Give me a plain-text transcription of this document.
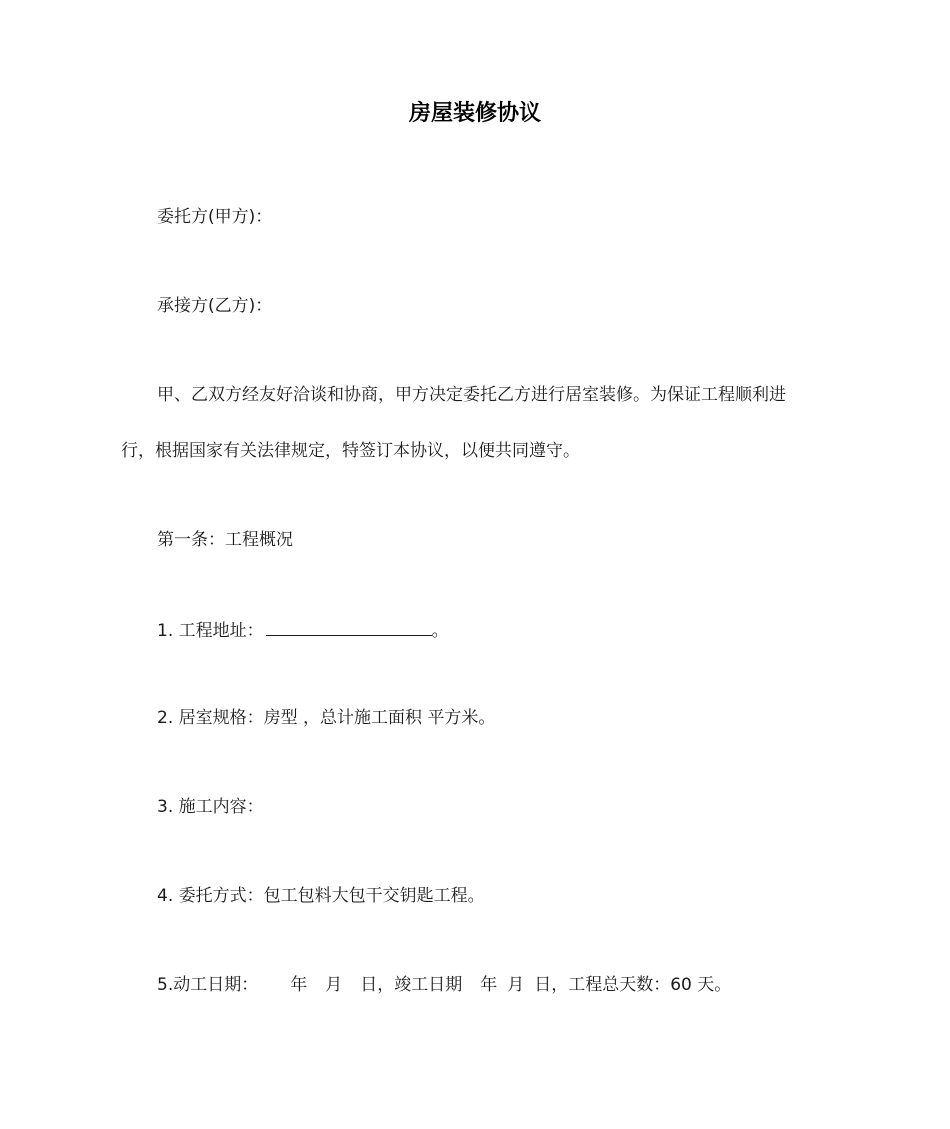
房屋装修协议
委托方(甲方)：
承接方(乙方)：
甲、乙双方经友好洽谈和协商，甲方决定委托乙方进行居室装修。为保证工程顺利进
行，根据国家有关法律规定，特签订本协议，以便共同遵守。
第一条：工程概况
1. 工程地址：	。
2. 居室规格：房型 ，总计施工面积 平方米。
3. 施工内容：
4. 委托方式：包工包料大包干交钥匙工程。
5.动工日期： 年 月 日，竣工日期 年 月 日，工程总天数：60 天。
